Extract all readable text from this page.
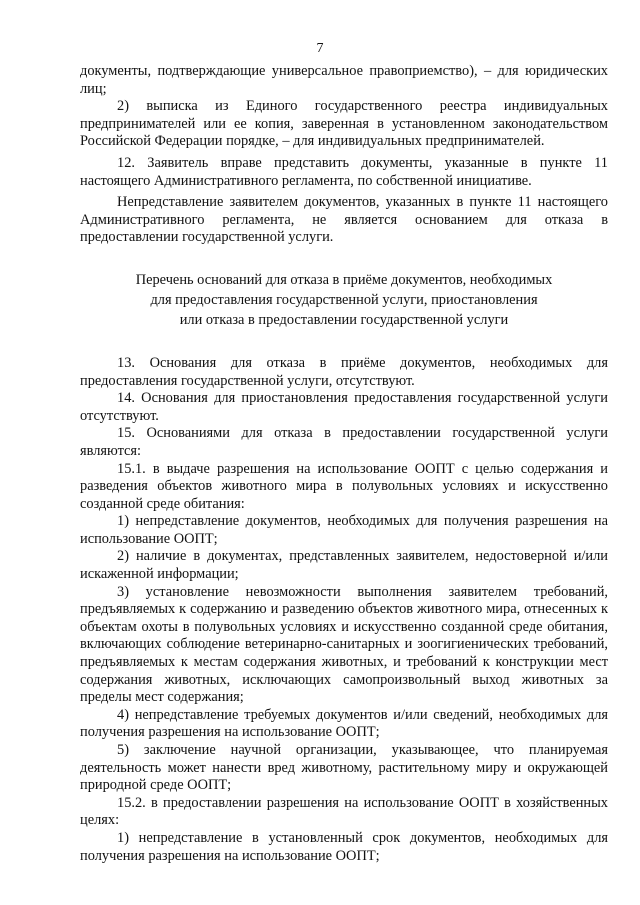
7

документы, подтверждающие универсальное правоприемство), – для юридических лиц;

2) выписка из Единого государственного реестра индивидуальных предпринимателей или ее копия, заверенная в установленном законодательством Российской Федерации порядке, – для индивидуальных предпринимателей.

12. Заявитель вправе представить документы, указанные в пункте 11 настоящего Административного регламента, по собственной инициативе.

Непредставление заявителем документов, указанных в пункте 11 настоящего Административного регламента, не является основанием для отказа в предоставлении государственной услуги.

Перечень оснований для отказа в приёме документов, необходимых
для предоставления государственной услуги, приостановления
или отказа в предоставлении государственной услуги

13. Основания для отказа в приёме документов, необходимых для предоставления государственной услуги, отсутствуют.

14. Основания для приостановления предоставления государственной услуги отсутствуют.

15. Основаниями для отказа в предоставлении государственной услуги являются:

15.1. в выдаче разрешения на использование ООПТ с целью содержания и разведения объектов животного мира в полувольных условиях и искусственно созданной среде обитания:

1) непредставление документов, необходимых для получения разрешения на использование ООПТ;

2) наличие в документах, представленных заявителем, недостоверной и/или искаженной информации;

3) установление невозможности выполнения заявителем требований, предъявляемых к содержанию и разведению объектов животного мира, отнесенных к объектам охоты в полувольных условиях и искусственно созданной среде обитания, включающих соблюдение ветеринарно-санитарных и зоогигиенических требований, предъявляемых к местам содержания животных, и требований к конструкции мест содержания животных, исключающих самопроизвольный выход животных за пределы мест содержания;

4) непредставление требуемых документов и/или сведений, необходимых для получения разрешения на использование ООПТ;

5) заключение научной организации, указывающее, что планируемая деятельность может нанести вред животному, растительному миру и окружающей природной среде ООПТ;

15.2. в предоставлении разрешения на использование ООПТ в хозяйственных целях:

1) непредставление в установленный срок документов, необходимых для получения разрешения на использование ООПТ;
